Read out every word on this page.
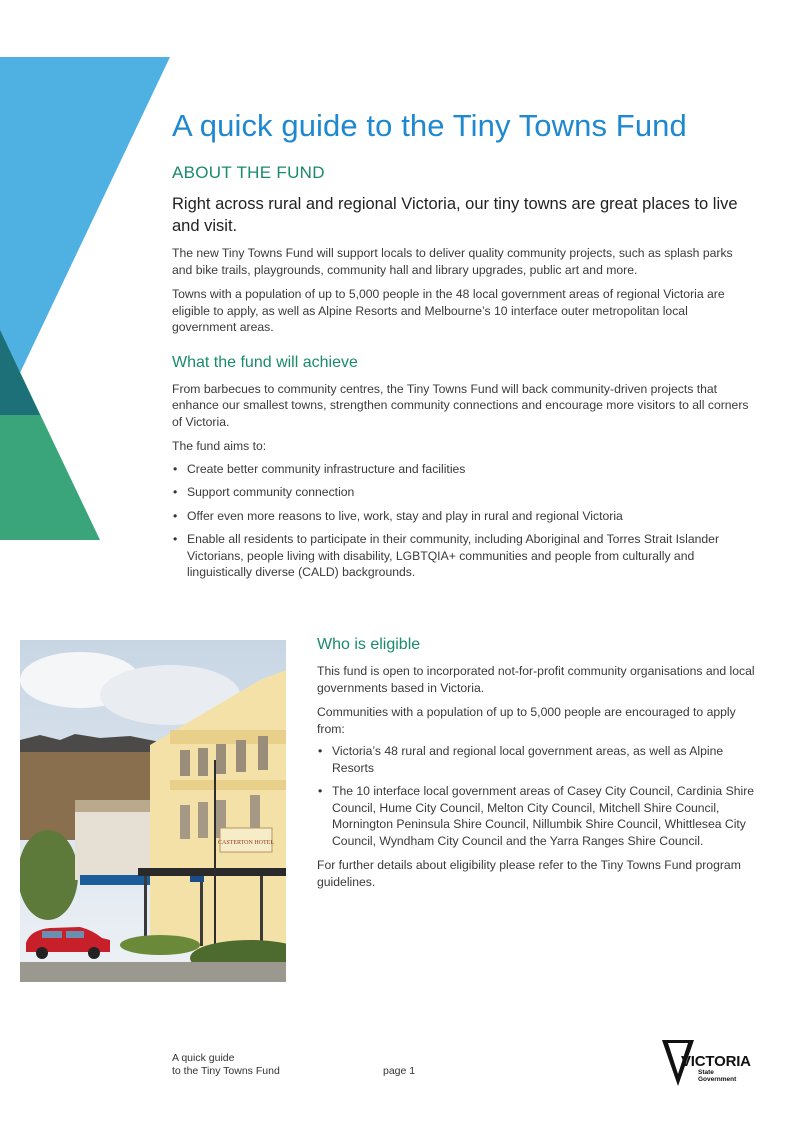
A quick guide to the Tiny Towns Fund
ABOUT THE FUND
Right across rural and regional Victoria, our tiny towns are great places to live and visit.

The new Tiny Towns Fund will support locals to deliver quality community projects, such as splash parks and bike trails, playgrounds, community hall and library upgrades, public art and more.

Towns with a population of up to 5,000 people in the 48 local government areas of regional Victoria are eligible to apply, as well as Alpine Resorts and Melbourne’s 10 interface outer metropolitan local government areas.

What the fund will achieve

From barbecues to community centres, the Tiny Towns Fund will back community-driven projects that enhance our smallest towns, strengthen community connections and encourage more visitors to all corners of Victoria.

The fund aims to:

• Create better community infrastructure and facilities
• Support community connection
• Offer even more reasons to live, work, stay and play in rural and regional Victoria
• Enable all residents to participate in their community, including Aboriginal and Torres Strait Islander Victorians, people living with disability, LGBTQIA+ communities and people from culturally and linguistically diverse (CALD) backgrounds.
CASTERTON HOTEL
Who is eligible

This fund is open to incorporated not-for-profit community organisations and local governments based in Victoria.

Communities with a population of up to 5,000 people are encouraged to apply from:

• Victoria’s 48 rural and regional local government areas, as well as Alpine Resorts
• The 10 interface local government areas of Casey City Council, Cardinia Shire Council, Hume City Council, Melton City Council, Mitchell Shire Council, Mornington Peninsula Shire Council, Nillumbik Shire Council, Whittlesea City Council, Wyndham City Council and the Yarra Ranges Shire Council.

For further details about eligibility please refer to the Tiny Towns Fund program guidelines.

A quick guide
to the Tiny Towns Fund	page 1
VICTORIA
State
Government
